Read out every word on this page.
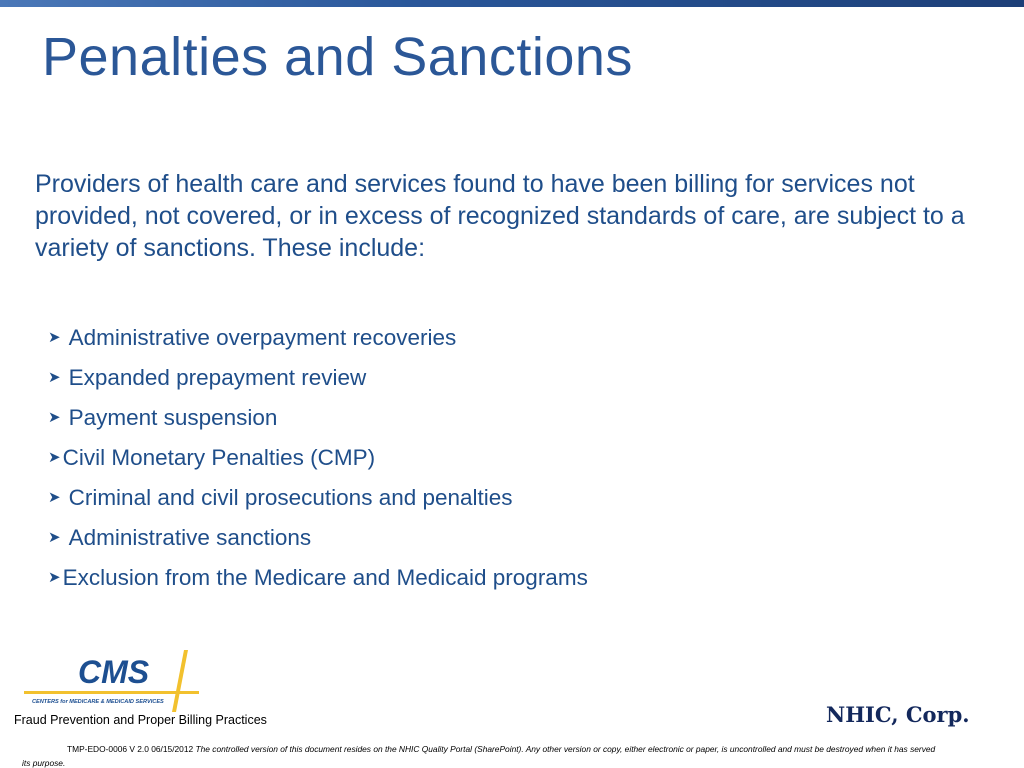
Penalties and Sanctions
Providers of health care and services found to have been billing for services not provided, not covered, or in excess of recognized standards of care, are subject to a variety of sanctions. These include:
➤ Administrative overpayment recoveries
➤ Expanded prepayment review
➤ Payment suspension
➤ Civil Monetary Penalties (CMP)
➤ Criminal and civil prosecutions and penalties
➤ Administrative sanctions
➤ Exclusion from the Medicare and Medicaid programs
CMS
CENTERS for MEDICARE & MEDICAID SERVICES
Fraud Prevention and Proper Billing Practices	NHIC, Corp.
TMP-EDO-0006 V 2.0 06/15/2012 The controlled version of this document resides on the NHIC Quality Portal (SharePoint). Any other version or copy, either electronic or paper, is uncontrolled and must be destroyed when it has served its purpose.
